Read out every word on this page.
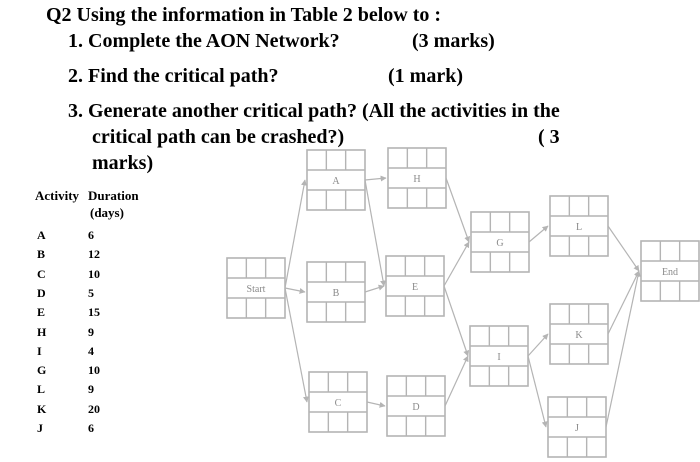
Q2 Using the information in Table 2 below to :
1. Complete the AON Network?	(3 marks)
2. Find the critical path?	(1 mark)
3. Generate another critical path? (All the activities in the
critical path can be crashed?)	( 3
marks)
Activity Duration
(days)
A	6
B	12
C	10
D	5
E	15
H	9
I	4
G	10
L	9
K	20
J	6
A	H
Start	B
E
C	D
G
L
I
K
J
End
